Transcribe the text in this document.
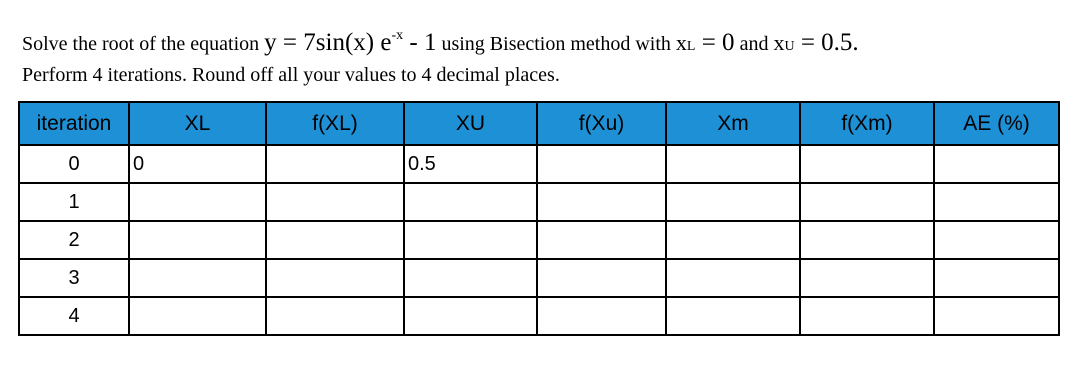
Solve the root of the equation y = 7sin(x) $e^{-x} - 1$ using Bisection method with xL = 0 and xU = 0.5.
Perform 4 iterations. Round off all your values to 4 decimal places.
iteration	XL	f(XL)	XU	f(Xu)	Xm	f(Xm)	AE (%)
0	0		0.5				
1							
2							
3							
4							
